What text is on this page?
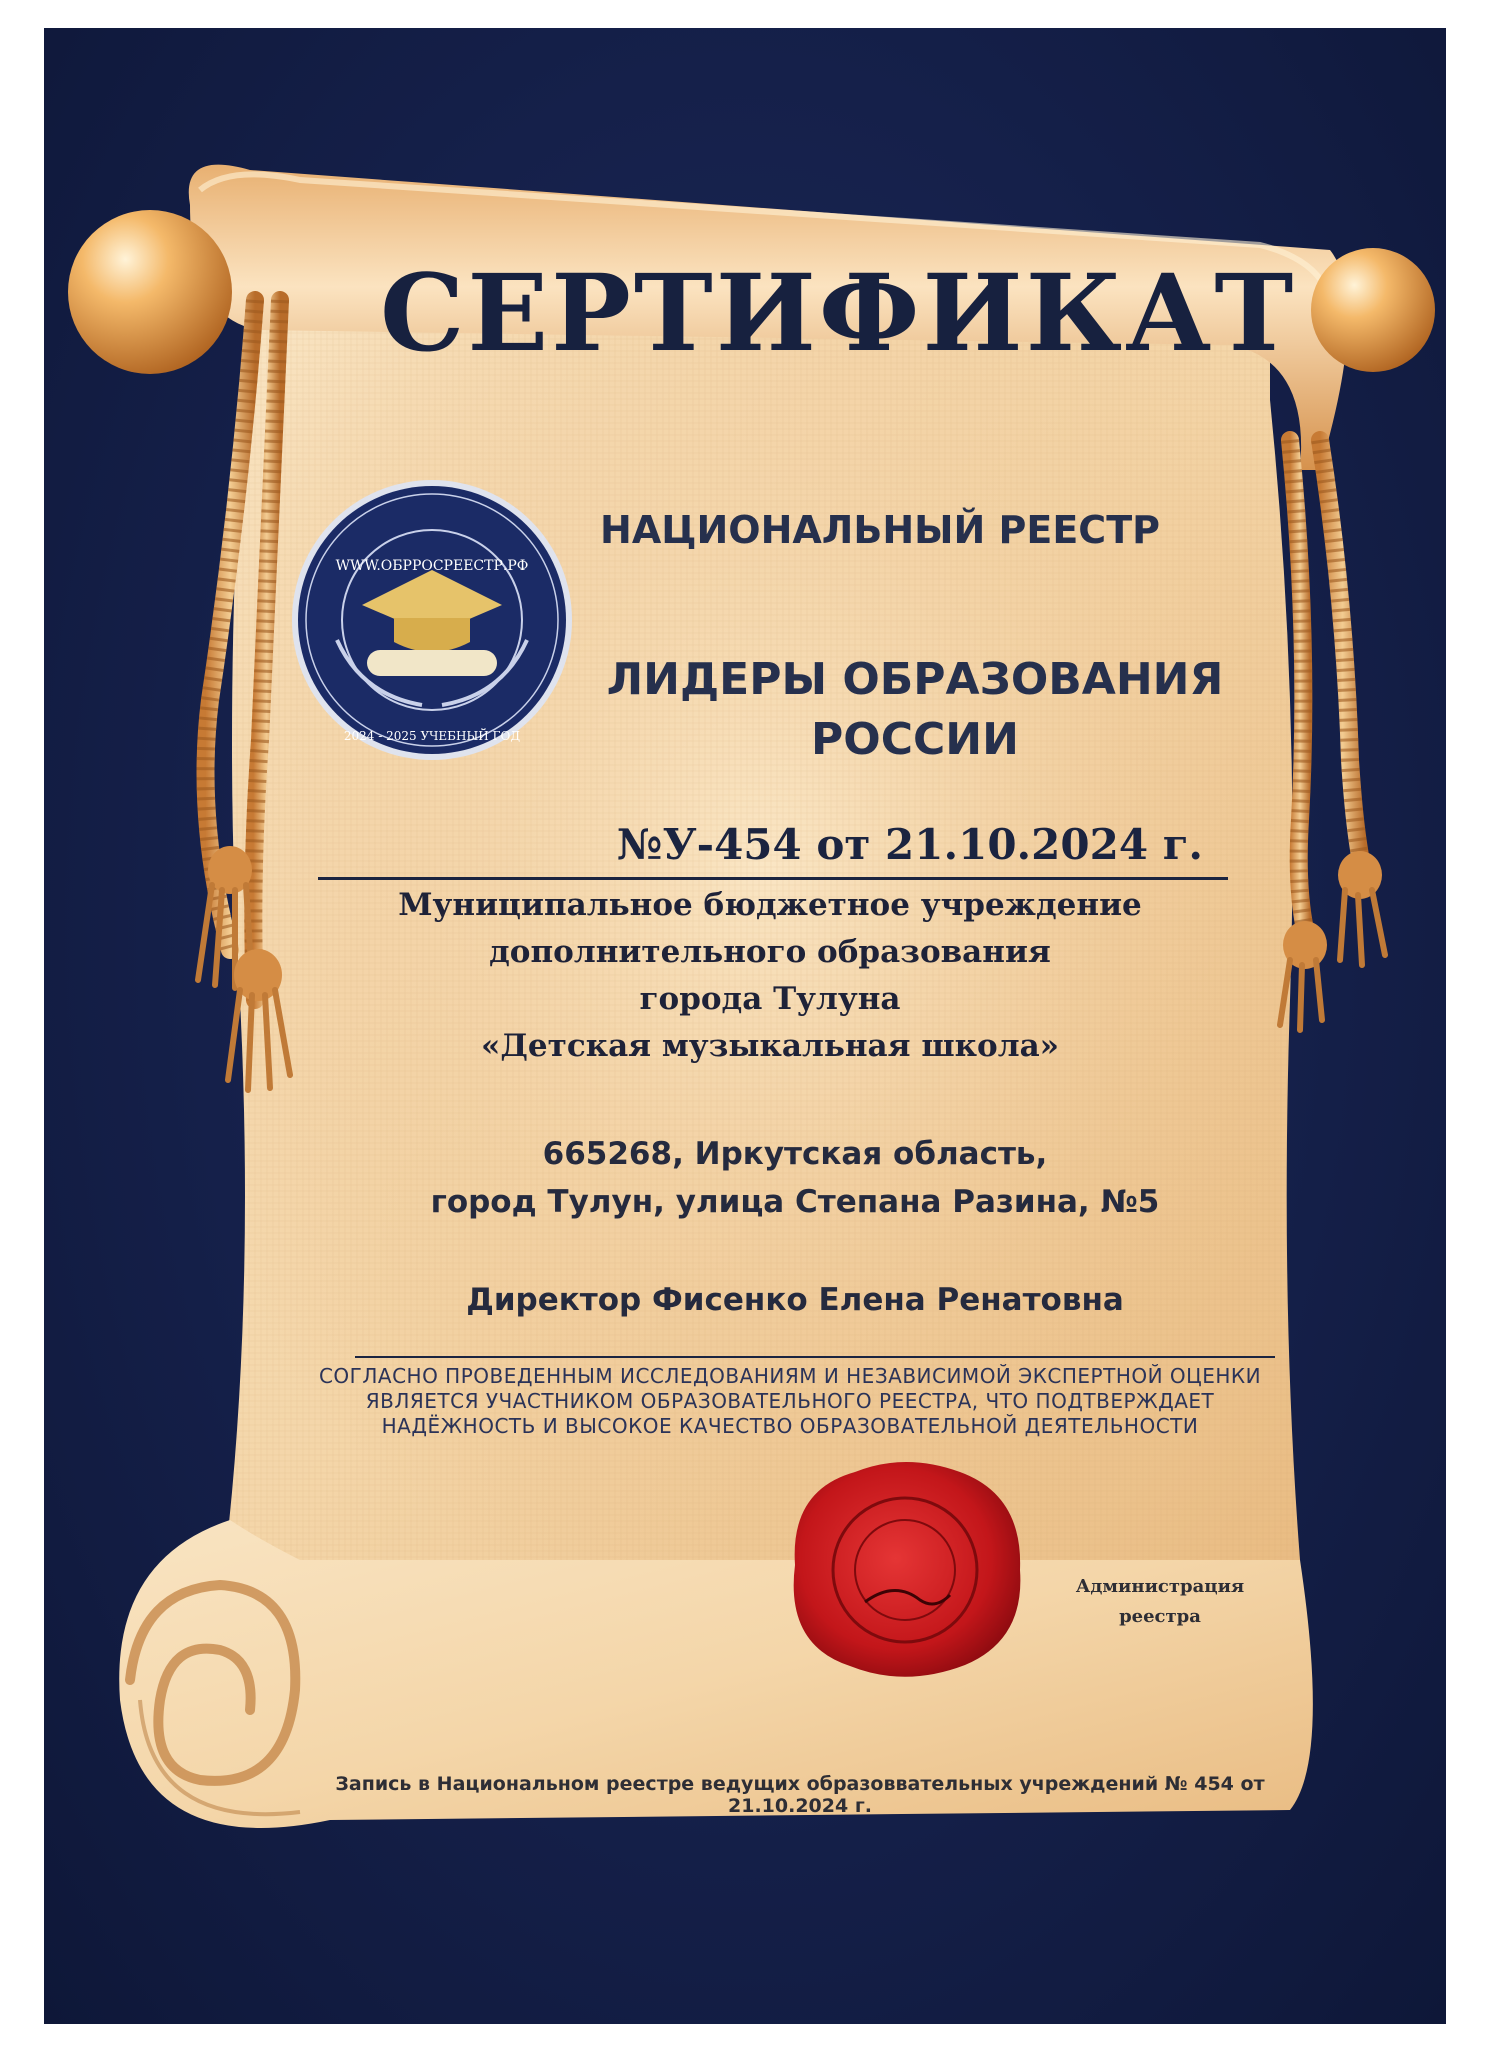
WWW.ОБРРОСРЕЕСТР.РФ
2024 - 2025 УЧЕБНЫЙ ГОД
СЕРТИФИКАТ
НАЦИОНАЛЬНЫЙ РЕЕСТР
ЛИДЕРЫ ОБРАЗОВАНИЯ
РОССИИ
№У-454 от 21.10.2024 г.
Муниципальное бюджетное учреждение
дополнительного образования
города Тулуна
«Детская музыкальная школа»
665268, Иркутская область,
город Тулун, улица Степана Разина, №5
Директор Фисенко Елена Ренатовна
СОГЛАСНО ПРОВЕДЕННЫМ ИССЛЕДОВАНИЯМ И НЕЗАВИСИМОЙ ЭКСПЕРТНОЙ ОЦЕНКИ
ЯВЛЯЕТСЯ УЧАСТНИКОМ ОБРАЗОВАТЕЛЬНОГО РЕЕСТРА, ЧТО ПОДТВЕРЖДАЕТ
НАДЁЖНОСТЬ И ВЫСОКОЕ КАЧЕСТВО ОБРАЗОВАТЕЛЬНОЙ ДЕЯТЕЛЬНОСТИ
Администрация
реестра
Запись в Национальном реестре ведущих образоввательных учреждений № 454 от 21.10.2024 г.
